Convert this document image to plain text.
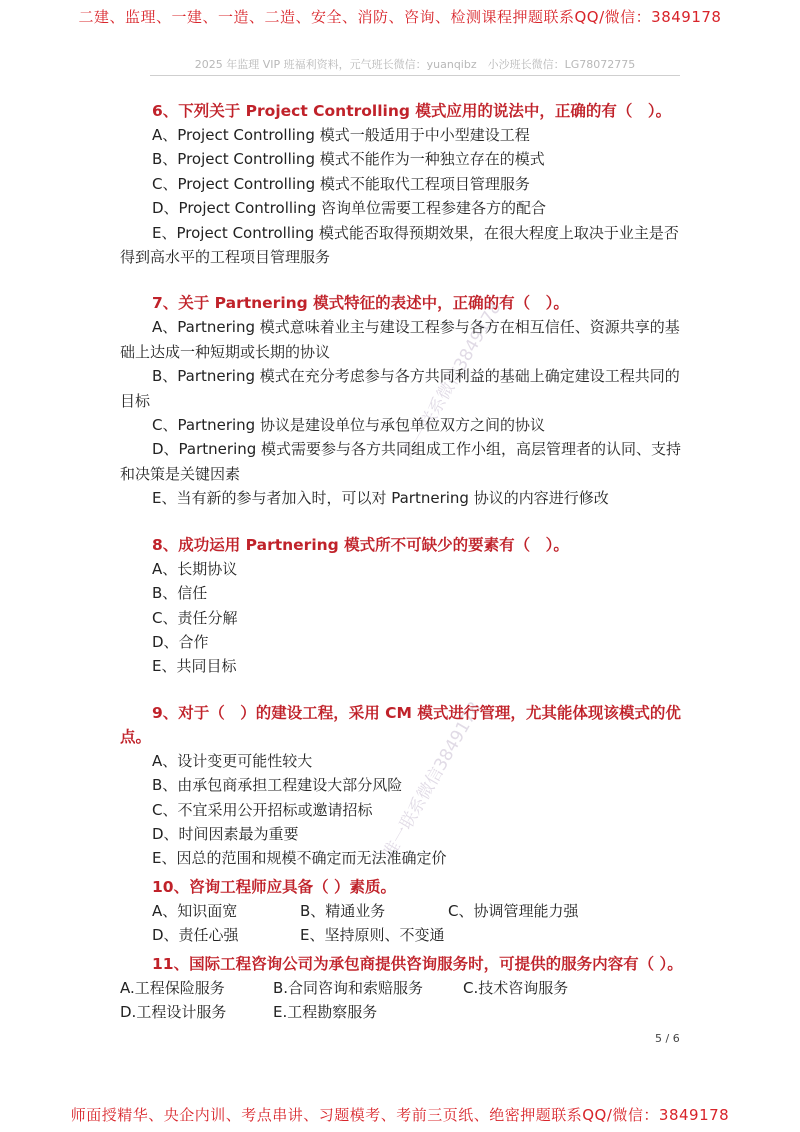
二建、监理、一建、一造、二造、安全、消防、咨询、检测课程押题联系QQ/微信：3849178
2025 年监理 VIP 班福利资料，元气班长微信：yuanqibz　小沙班长微信：LG78072775
唯一联系微信3849178
唯一联系微信3849178
6、下列关于 Project Controlling 模式应用的说法中，正确的有（　）。
A、Project Controlling 模式一般适用于中小型建设工程
B、Project Controlling 模式不能作为一种独立存在的模式
C、Project Controlling 模式不能取代工程项目管理服务
D、Project Controlling 咨询单位需要工程参建各方的配合
E、Project Controlling 模式能否取得预期效果，在很大程度上取决于业主是否得到高水平的工程项目管理服务
7、关于 Partnering 模式特征的表述中，正确的有（　）。
A、Partnering 模式意味着业主与建设工程参与各方在相互信任、资源共享的基础上达成一种短期或长期的协议
B、Partnering 模式在充分考虑参与各方共同利益的基础上确定建设工程共同的目标
C、Partnering 协议是建设单位与承包单位双方之间的协议
D、Partnering 模式需要参与各方共同组成工作小组，高层管理者的认同、支持和决策是关键因素
E、当有新的参与者加入时，可以对 Partnering 协议的内容进行修改
8、成功运用 Partnering 模式所不可缺少的要素有（　）。
A、长期协议
B、信任
C、责任分解
D、合作
E、共同目标
9、对于（　）的建设工程，采用 CM 模式进行管理，尤其能体现该模式的优点。
A、设计变更可能性较大
B、由承包商承担工程建设大部分风险
C、不宜采用公开招标或邀请招标
D、时间因素最为重要
E、因总的范围和规模不确定而无法准确定价
10、咨询工程师应具备（ ）素质。
A、知识面宽	B、精通业务	C、协调管理能力强
D、责任心强	E、坚持原则、不变通
11、国际工程咨询公司为承包商提供咨询服务时，可提供的服务内容有（ ）。
A.工程保险服务	B.合同咨询和索赔服务	C.技术咨询服务
D.工程设计服务	E.工程勘察服务
5 / 6
师面授精华、央企内训、考点串讲、习题模考、考前三页纸、绝密押题联系QQ/微信：3849178
